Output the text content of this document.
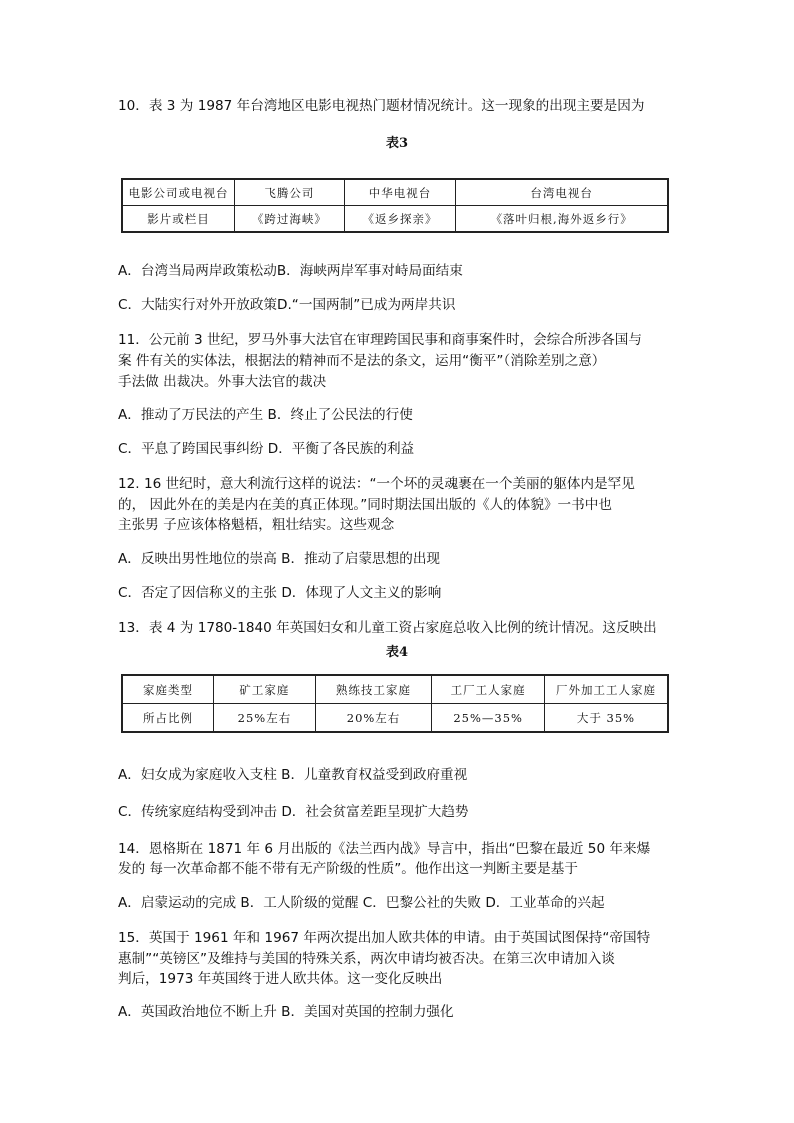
10．表 3 为 1987 年台湾地区电影电视热门题材情况统计。这一现象的出现主要是因为
表3
电影公司或电视台	飞腾公司	中华电视台	台湾电视台
影片或栏目	《跨过海峡》	《返乡探亲》	《落叶归根,海外返乡行》
A．台湾当局两岸政策松动B．海峡两岸军事对峙局面结束
C．大陆实行对外开放政策D.“一国两制”已成为两岸共识
11．公元前 3 世纪，罗马外事大法官在审理跨国民事和商事案件时，会综合所涉各国与
案 件有关的实体法，根据法的精神而不是法的条文，运用“衡平”（消除差别之意）
手法做 出裁决。外事大法官的裁决
A．推动了万民法的产生 B．终止了公民法的行使
C．平息了跨国民事纠纷 D．平衡了各民族的利益
12. 16 世纪时，意大利流行这样的说法：“一个坏的灵魂裹在一个美丽的躯体内是罕见
的， 因此外在的美是内在美的真正体现。”同时期法国出版的《人的体貌》一书中也
主张男 子应该体格魁梧，粗壮结实。这些观念
A．反映出男性地位的崇高 B．推动了启蒙思想的出现
C．否定了因信称义的主张 D．体现了人文主义的影响
13．表 4 为 1780-1840 年英国妇女和儿童工资占家庭总收入比例的统计情况。这反映出
表4
家庭类型	矿工家庭	熟练技工家庭	工厂工人家庭	厂外加工工人家庭
所占比例	25%左右	20%左右	25%—35%	大于 35%
A．妇女成为家庭收入支柱 B．儿童教育权益受到政府重视
C．传统家庭结构受到冲击 D．社会贫富差距呈现扩大趋势
14．恩格斯在 1871 年 6 月出版的《法兰西内战》导言中，指出“巴黎在最近 50 年来爆
发的 每一次革命都不能不带有无产阶级的性质”。他作出这一判断主要是基于
A．启蒙运动的完成 B．工人阶级的觉醒 C．巴黎公社的失败 D．工业革命的兴起
15．英国于 1961 年和 1967 年两次提出加人欧共体的申请。由于英国试图保持“帝国特
惠制”“英镑区”及维持与美国的特殊关系，两次申请均被否决。在第三次申请加入谈
判后，1973 年英国终于进人欧共体。这一变化反映出
A．英国政治地位不断上升 B．美国对英国的控制力强化
